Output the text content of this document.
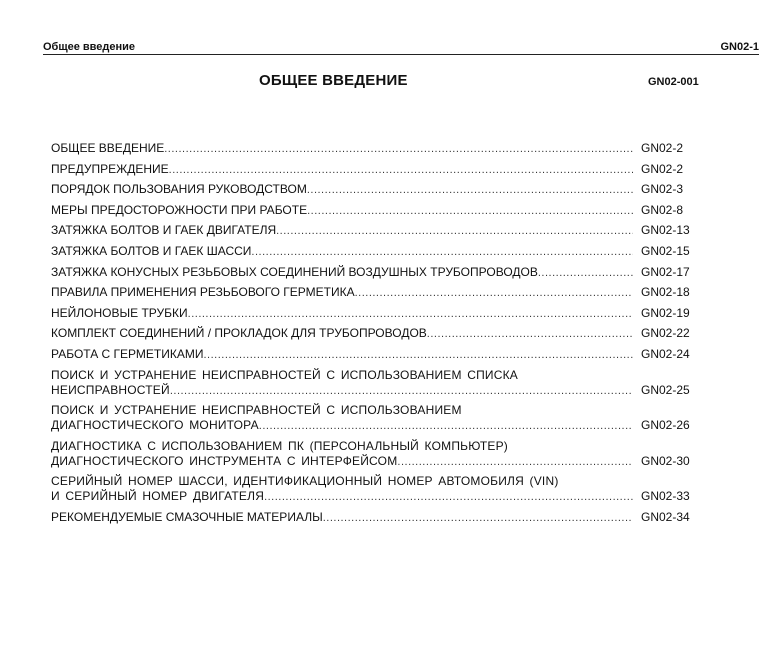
Общее введение	GN02-1
ОБЩЕЕ ВВЕДЕНИЕ	GN02-001
ОБЩЕЕ ВВЕДЕНИЕ .....	GN02-2
ПРЕДУПРЕЖДЕНИЕ .....	GN02-2
ПОРЯДОК ПОЛЬЗОВАНИЯ РУКОВОДСТВОМ .....	GN02-3
МЕРЫ ПРЕДОСТОРОЖНОСТИ ПРИ РАБОТЕ .....	GN02-8
ЗАТЯЖКА БОЛТОВ И ГАЕК ДВИГАТЕЛЯ .....	GN02-13
ЗАТЯЖКА БОЛТОВ И ГАЕК ШАССИ .....	GN02-15
ЗАТЯЖКА КОНУСНЫХ РЕЗЬБОВЫХ СОЕДИНЕНИЙ ВОЗДУШНЫХ ТРУБОПРОВОДОВ .....	GN02-17
ПРАВИЛА ПРИМЕНЕНИЯ РЕЗЬБОВОГО ГЕРМЕТИКА .....	GN02-18
НЕЙЛОНОВЫЕ ТРУБКИ .....	GN02-19
КОМПЛЕКТ СОЕДИНЕНИЙ / ПРОКЛАДОК ДЛЯ ТРУБОПРОВОДОВ .....	GN02-22
РАБОТА С ГЕРМЕТИКАМИ .....	GN02-24
ПОИСК И УСТРАНЕНИЕ НЕИСПРАВНОСТЕЙ С ИСПОЛЬЗОВАНИЕМ СПИСКА
НЕИСПРАВНОСТЕЙ .....	GN02-25
ПОИСК И УСТРАНЕНИЕ НЕИСПРАВНОСТЕЙ С ИСПОЛЬЗОВАНИЕМ
ДИАГНОСТИЧЕСКОГО МОНИТОРА .....	GN02-26
ДИАГНОСТИКА С ИСПОЛЬЗОВАНИЕМ ПК (ПЕРСОНАЛЬНЫЙ КОМПЬЮТЕР)
ДИАГНОСТИЧЕСКОГО ИНСТРУМЕНТА С ИНТЕРФЕЙСОМ .....	GN02-30
СЕРИЙНЫЙ НОМЕР ШАССИ, ИДЕНТИФИКАЦИОННЫЙ НОМЕР АВТОМОБИЛЯ (VIN)
И СЕРИЙНЫЙ НОМЕР ДВИГАТЕЛЯ .....	GN02-33
РЕКОМЕНДУЕМЫЕ СМАЗОЧНЫЕ МАТЕРИАЛЫ .....	GN02-34
